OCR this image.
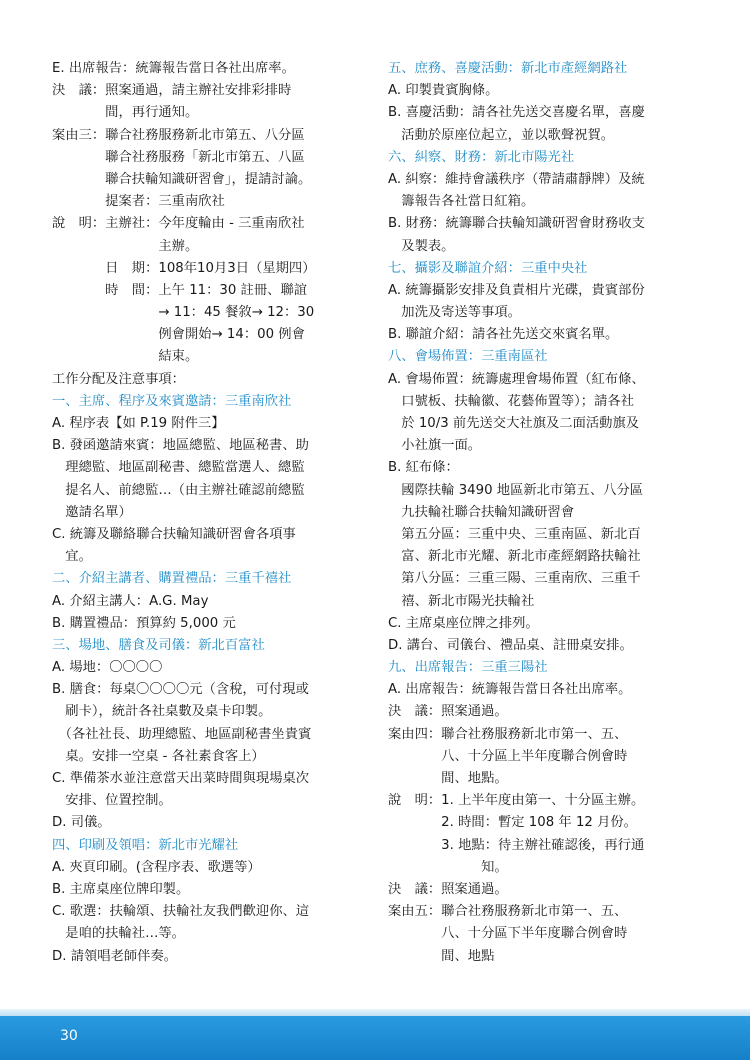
E. 出席報告：統籌報告當日各社出席率。
決　議：照案通過，請主辦社安排彩排時
　　　　間，再行通知。
案由三：聯合社務服務新北市第五、八分區
　　　　聯合社務服務「新北市第五、八區
　　　　聯合扶輪知識研習會」，提請討論。
　　　　提案者：三重南欣社
說　明：主辦社：今年度輪由 - 三重南欣社
　　　　　　　　主辦。
　　　　日　期：108年10月3日（星期四）
　　　　時　間：上午 11：30 註冊、聯誼
　　　　　　　　→ 11：45 餐敘→ 12：30
　　　　　　　　例會開始→ 14：00 例會
　　　　　　　　結束。
工作分配及注意事項：
一、主席、程序及來賓邀請：三重南欣社
A. 程序表【如 P.19 附件三】
B. 發函邀請來賓：地區總監、地區秘書、助
　理總監、地區副秘書、總監當選人、總監
　提名人、前總監…（由主辦社確認前總監
　邀請名單）
C. 統籌及聯絡聯合扶輪知識研習會各項事
　宜。
二、介紹主講者、購置禮品：三重千禧社
A. 介紹主講人：A.G. May
B. 購置禮品：預算約 5,000 元
三、場地、膳食及司儀：新北百富社
A. 場地：〇〇〇〇
B. 膳食：每桌〇〇〇〇元（含稅，可付現或
　刷卡），統計各社桌數及桌卡印製。
　（各社社長、助理總監、地區副秘書坐貴賓
　桌。安排一空桌 - 各社素食客上）
C. 準備茶水並注意當天出菜時間與現場桌次
　安排、位置控制。
D. 司儀。
四、印刷及領唱：新北市光耀社
A. 夾頁印刷。(含程序表、歌選等）
B. 主席桌座位牌印製。
C. 歌選：扶輪頌、扶輪社友我們歡迎你、這
　是咱的扶輪社…等。
D. 請領唱老師伴奏。
五、庶務、喜慶活動：新北市產經網路社
A. 印製貴賓胸條。
B. 喜慶活動：請各社先送交喜慶名單，喜慶
　活動於原座位起立，並以歌聲祝賀。
六、糾察、財務：新北市陽光社
A. 糾察：維持會議秩序（帶請肅靜牌）及統
　籌報告各社當日紅箱。
B. 財務：統籌聯合扶輪知識研習會財務收支
　及製表。
七、攝影及聯誼介紹：三重中央社
A. 統籌攝影安排及負責相片光碟，貴賓部份
　加洗及寄送等事項。
B. 聯誼介紹：請各社先送交來賓名單。
八、會場佈置：三重南區社
A. 會場佈置：統籌處理會場佈置（紅布條、
　口號板、扶輪徽、花藝佈置等）；請各社
　於 10/3 前先送交大社旗及二面活動旗及
　小社旗一面。
B. 紅布條：
　國際扶輪 3490 地區新北市第五、八分區
　九扶輪社聯合扶輪知識研習會
　第五分區：三重中央、三重南區、新北百
　富、新北市光耀、新北市產經網路扶輪社
　第八分區：三重三陽、三重南欣、三重千
　禧、新北市陽光扶輪社
C. 主席桌座位牌之排列。
D. 講台、司儀台、禮品桌、註冊桌安排。
九、出席報告：三重三陽社
A. 出席報告：統籌報告當日各社出席率。
決　議：照案通過。
案由四：聯合社務服務新北市第一、五、
　　　　八、十分區上半年度聯合例會時
　　　　間、地點。
說　明：1. 上半年度由第一、十分區主辦。
　　　　2. 時間：暫定 108 年 12 月份。
　　　　3. 地點：待主辦社確認後，再行通
　　　　　　　知。
決　議：照案通過。
案由五：聯合社務服務新北市第一、五、
　　　　八、十分區下半年度聯合例會時
　　　　間、地點
30
